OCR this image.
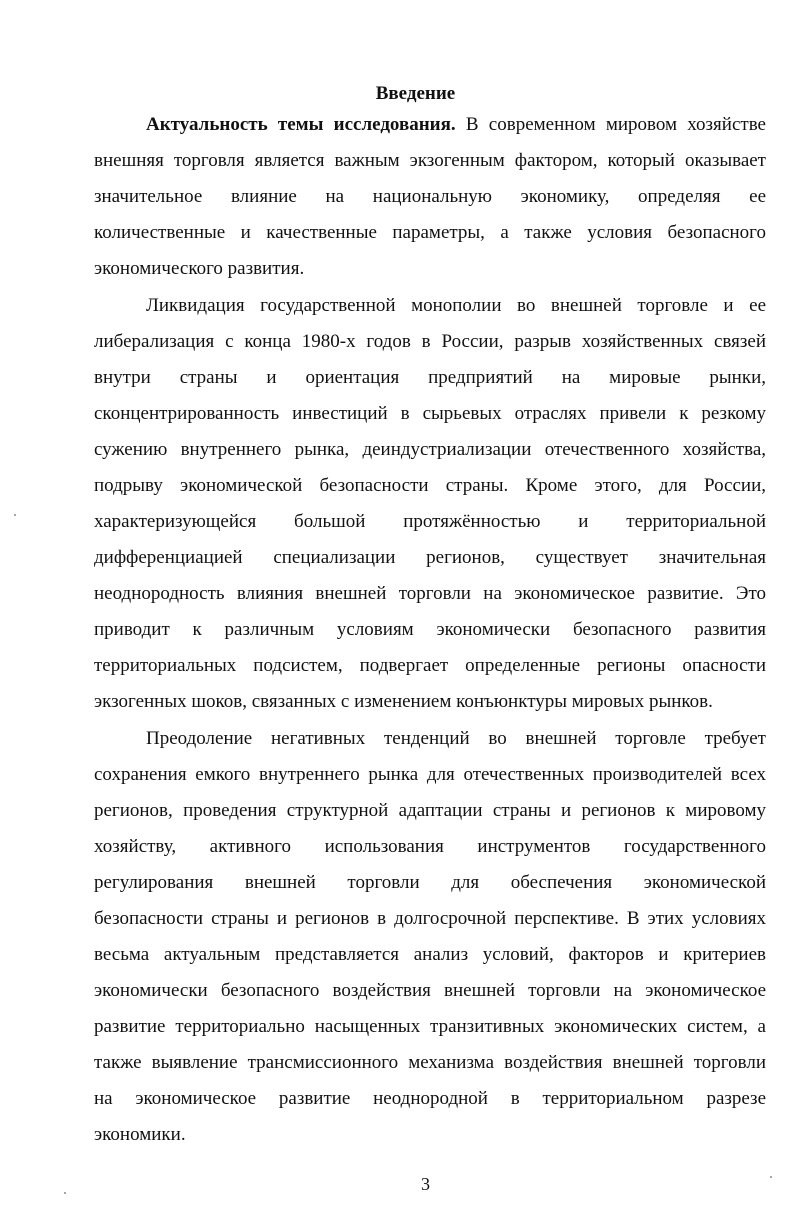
Введение
Актуальность темы исследования. В современном мировом хозяйстве
внешняя торговля является важным экзогенным фактором, который оказывает
значительное влияние на национальную экономику, определяя ее
количественные и качественные параметры, а также условия безопасного
экономического развития.
Ликвидация государственной монополии во внешней торговле и ее
либерализация с конца 1980-х годов в России, разрыв хозяйственных связей
внутри страны и ориентация предприятий на мировые рынки,
сконцентрированность инвестиций в сырьевых отраслях привели к резкому
сужению внутреннего рынка, деиндустриализации отечественного хозяйства,
подрыву экономической безопасности страны. Кроме этого, для России,
характеризующейся большой протяжённостью и территориальной
дифференциацией специализации регионов, существует значительная
неоднородность влияния внешней торговли на экономическое развитие. Это
приводит к различным условиям экономически безопасного развития
территориальных подсистем, подвергает определенные регионы опасности
экзогенных шоков, связанных с изменением конъюнктуры мировых рынков.
Преодоление негативных тенденций во внешней торговле требует
сохранения емкого внутреннего рынка для отечественных производителей всех
регионов, проведения структурной адаптации страны и регионов к мировому
хозяйству, активного использования инструментов государственного
регулирования внешней торговли для обеспечения экономической
безопасности страны и регионов в долгосрочной перспективе. В этих условиях
весьма актуальным представляется анализ условий, факторов и критериев
экономически безопасного воздействия внешней торговли на экономическое
развитие территориально насыщенных транзитивных экономических систем, а
также выявление трансмиссионного механизма воздействия внешней торговли
на экономическое развитие неоднородной в территориальном разрезе
экономики.
3
